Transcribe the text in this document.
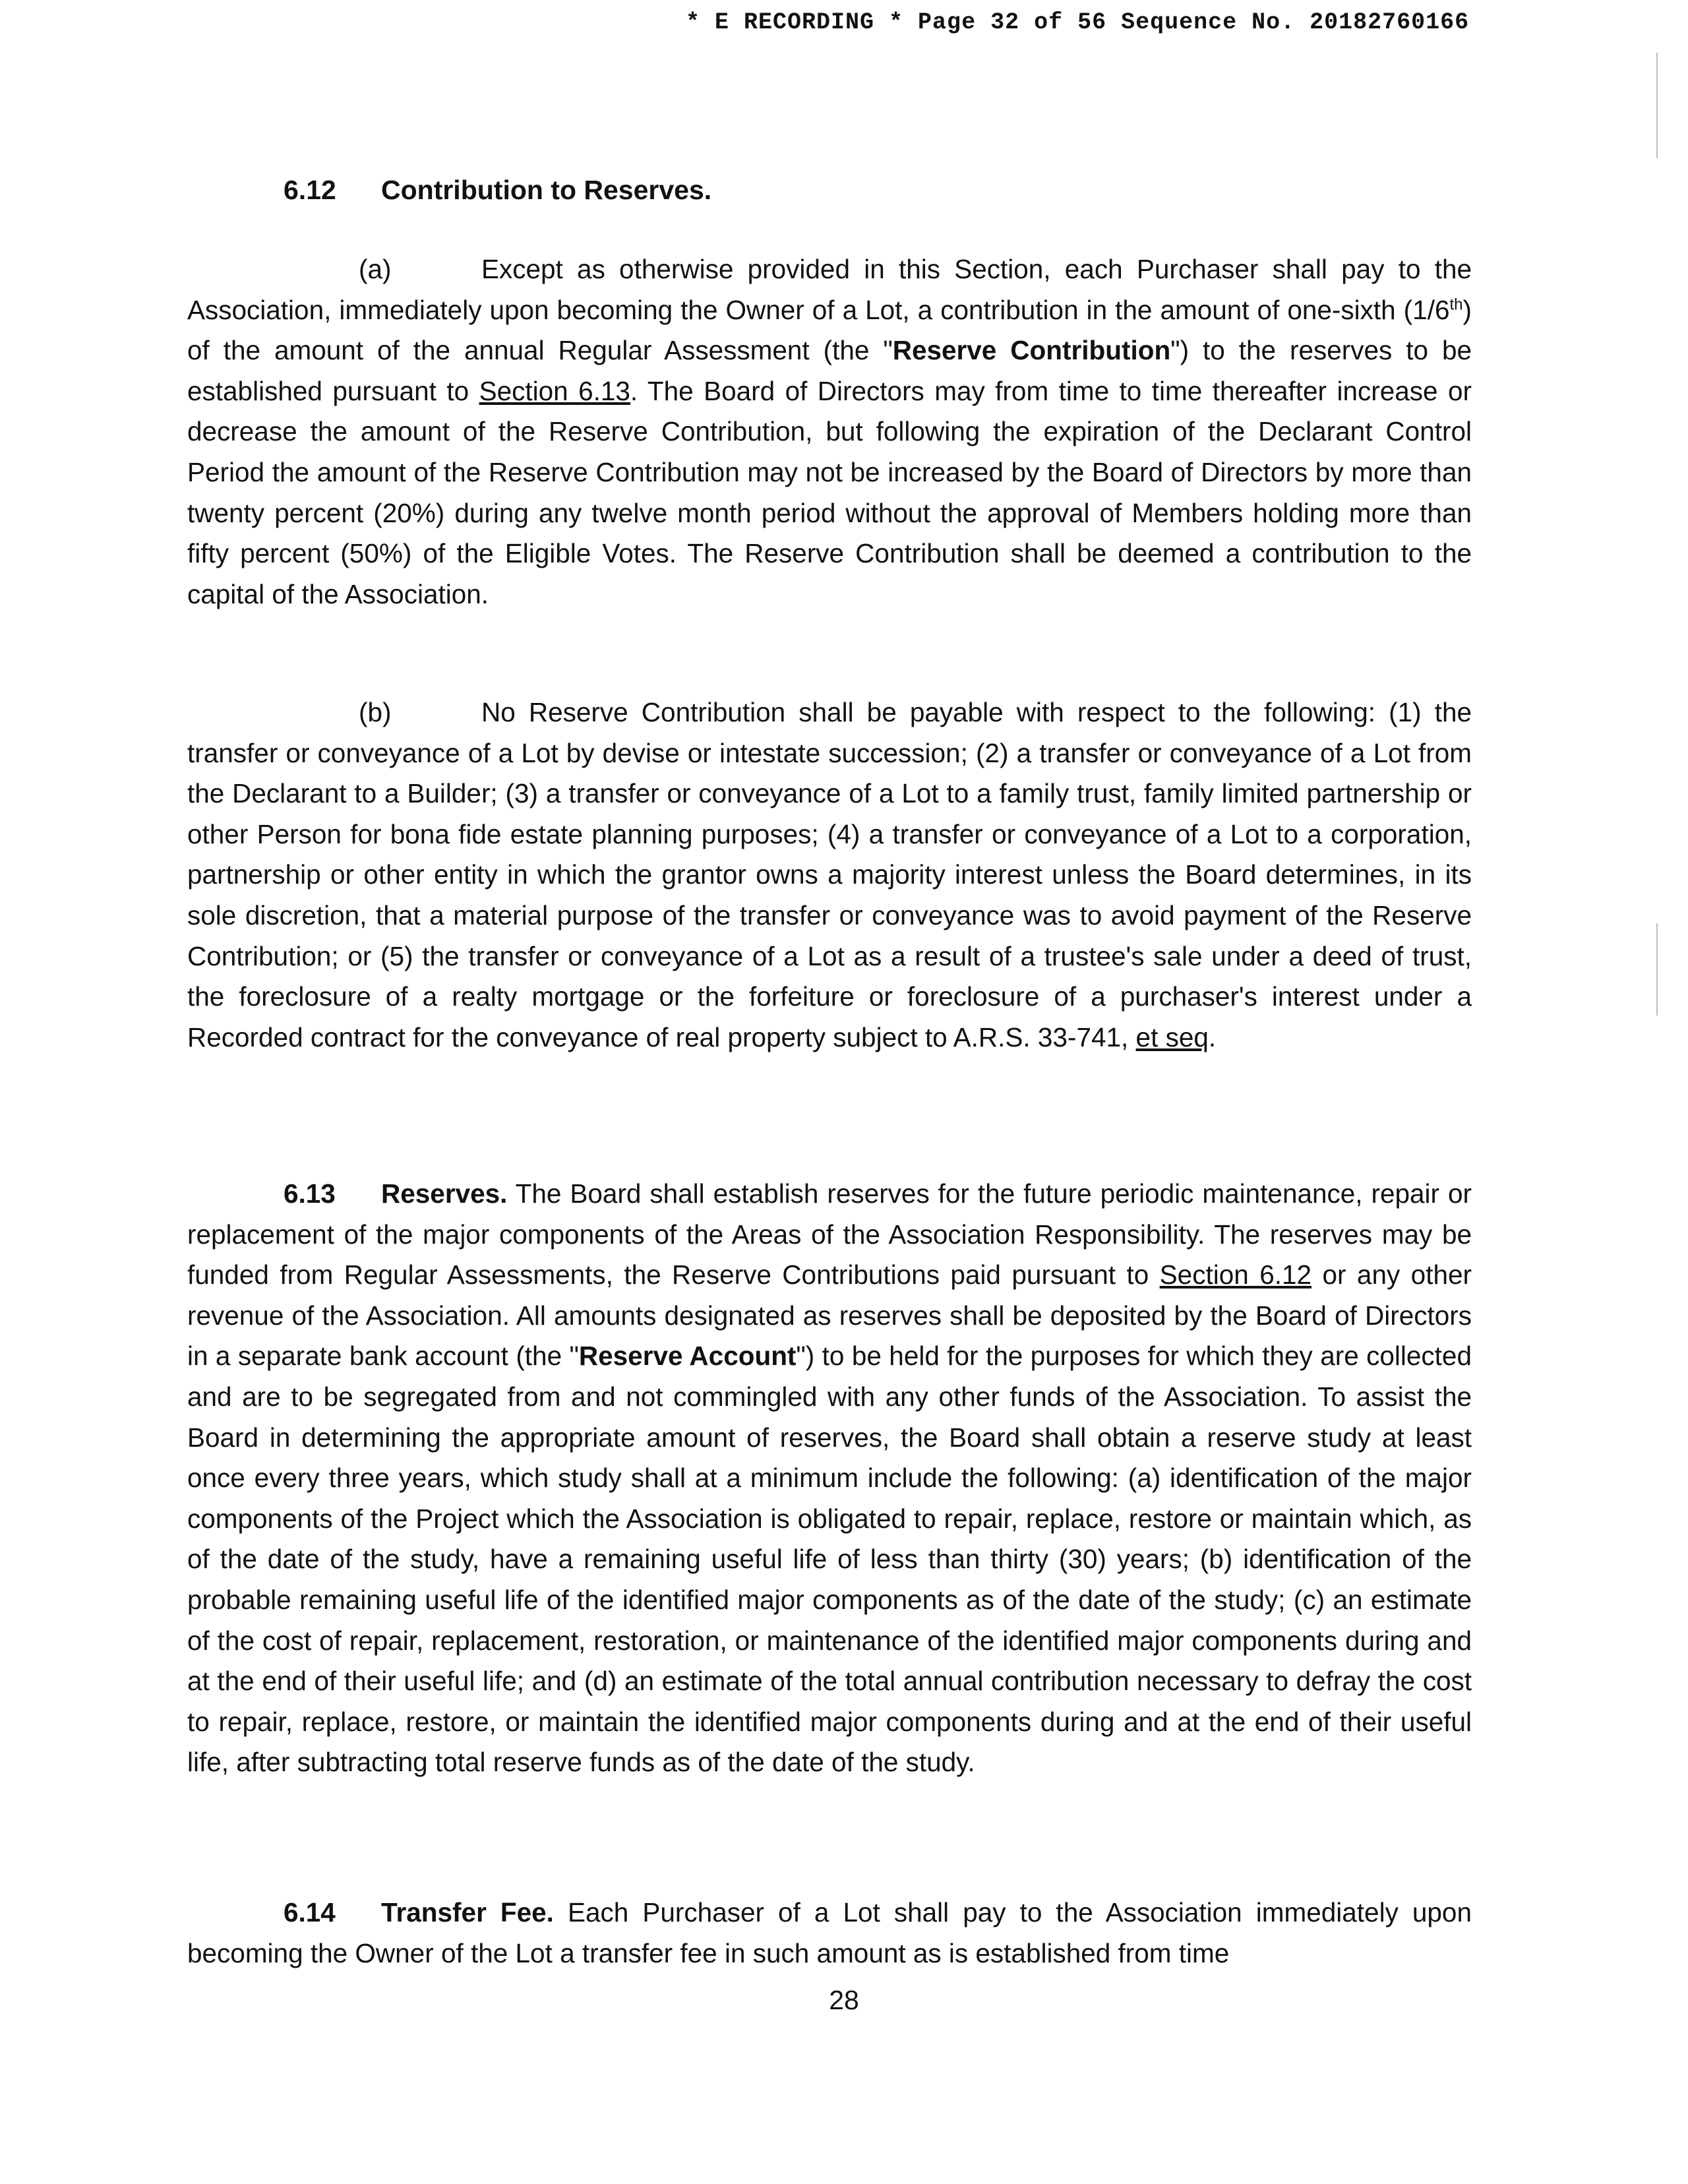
* E RECORDING * Page 32 of 56 Sequence No. 20182760166
6.12 Contribution to Reserves.
(a)	Except as otherwise provided in this Section, each Purchaser shall pay to the Association, immediately upon becoming the Owner of a Lot, a contribution in the amount of one-sixth (1/6th) of the amount of the annual Regular Assessment (the "Reserve Contribution") to the reserves to be established pursuant to Section 6.13. The Board of Directors may from time to time thereafter increase or decrease the amount of the Reserve Contribution, but following the expiration of the Declarant Control Period the amount of the Reserve Contribution may not be increased by the Board of Directors by more than twenty percent (20%) during any twelve month period without the approval of Members holding more than fifty percent (50%) of the Eligible Votes. The Reserve Contribution shall be deemed a contribution to the capital of the Association.
(b)	No Reserve Contribution shall be payable with respect to the following: (1) the transfer or conveyance of a Lot by devise or intestate succession; (2) a transfer or conveyance of a Lot from the Declarant to a Builder; (3) a transfer or conveyance of a Lot to a family trust, family limited partnership or other Person for bona fide estate planning purposes; (4) a transfer or conveyance of a Lot to a corporation, partnership or other entity in which the grantor owns a majority interest unless the Board determines, in its sole discretion, that a material purpose of the transfer or conveyance was to avoid payment of the Reserve Contribution; or (5) the transfer or conveyance of a Lot as a result of a trustee's sale under a deed of trust, the foreclosure of a realty mortgage or the forfeiture or foreclosure of a purchaser's interest under a Recorded contract for the conveyance of real property subject to A.R.S. 33-741, et seq.
6.13 Reserves. The Board shall establish reserves for the future periodic maintenance, repair or replacement of the major components of the Areas of the Association Responsibility. The reserves may be funded from Regular Assessments, the Reserve Contributions paid pursuant to Section 6.12 or any other revenue of the Association. All amounts designated as reserves shall be deposited by the Board of Directors in a separate bank account (the "Reserve Account") to be held for the purposes for which they are collected and are to be segregated from and not commingled with any other funds of the Association. To assist the Board in determining the appropriate amount of reserves, the Board shall obtain a reserve study at least once every three years, which study shall at a minimum include the following: (a) identification of the major components of the Project which the Association is obligated to repair, replace, restore or maintain which, as of the date of the study, have a remaining useful life of less than thirty (30) years; (b) identification of the probable remaining useful life of the identified major components as of the date of the study; (c) an estimate of the cost of repair, replacement, restoration, or maintenance of the identified major components during and at the end of their useful life; and (d) an estimate of the total annual contribution necessary to defray the cost to repair, replace, restore, or maintain the identified major components during and at the end of their useful life, after subtracting total reserve funds as of the date of the study.
6.14 Transfer Fee. Each Purchaser of a Lot shall pay to the Association immediately upon becoming the Owner of the Lot a transfer fee in such amount as is established from time
28
